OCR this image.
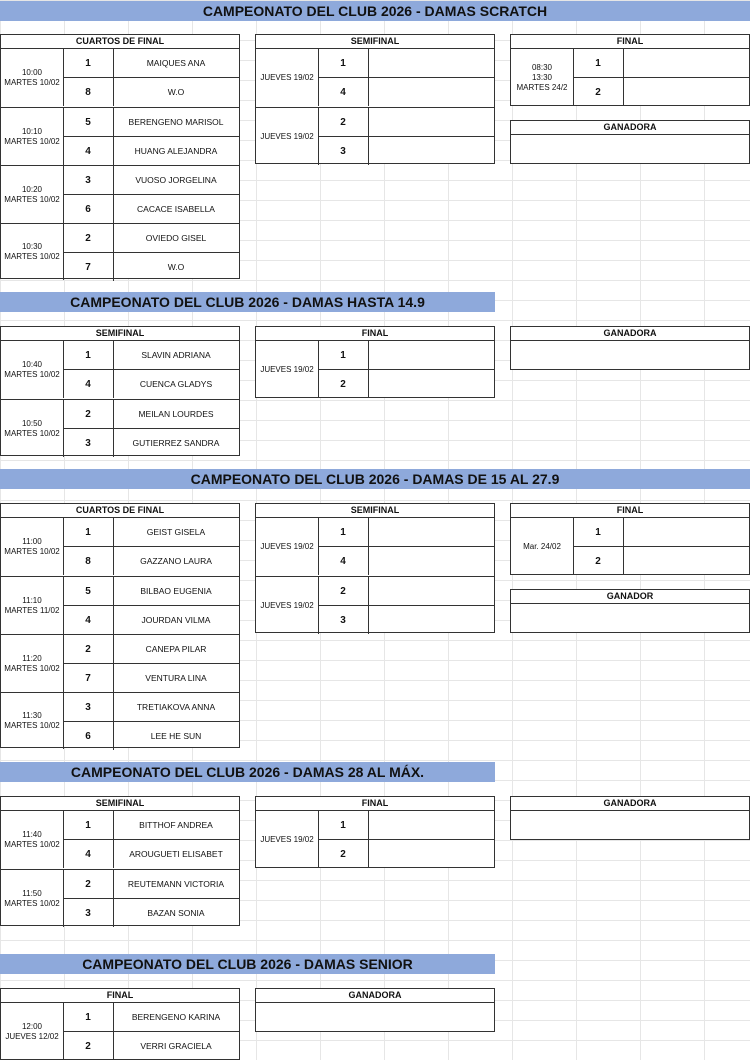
CAMPEONATO DEL CLUB 2026 - DAMAS SCRATCH
CUARTOS DE FINAL
10:00
MARTES 10/02
1	MAIQUES ANA
8	W.O
10:10
MARTES 10/02
5	BERENGENO MARISOL
4	HUANG ALEJANDRA
10:20
MARTES 10/02
3	VUOSO JORGELINA
6	CACACE ISABELLA
10:30
MARTES 10/02
2	OVIEDO GISEL
7	W.O
SEMIFINAL
JUEVES 19/02
1
4
JUEVES 19/02
2
3
FINAL
08:30
13:30
MARTES 24/2
1
2
GANADORA
CAMPEONATO DEL CLUB 2026 - DAMAS HASTA 14.9
SEMIFINAL
10:40
MARTES 10/02
1	SLAVIN ADRIANA
4	CUENCA GLADYS
10:50
MARTES 10/02
2	MEILAN LOURDES
3	GUTIERREZ SANDRA
FINAL
JUEVES 19/02
1
2
GANADORA
CAMPEONATO DEL CLUB 2026 - DAMAS DE 15 AL 27.9
CUARTOS DE FINAL
11:00
MARTES 10/02
1	GEIST GISELA
8	GAZZANO LAURA
11:10
MARTES 11/02
5	BILBAO EUGENIA
4	JOURDAN VILMA
11:20
MARTES 10/02
2	CANEPA PILAR
7	VENTURA LINA
11:30
MARTES 10/02
3	TRETIAKOVA ANNA
6	LEE HE SUN
SEMIFINAL
JUEVES 19/02
1
4
JUEVES 19/02
2
3
FINAL
Mar. 24/02
1
2
GANADOR
CAMPEONATO DEL CLUB 2026 - DAMAS 28 AL MÁX.
SEMIFINAL
11:40
MARTES 10/02
1	BITTHOF ANDREA
4	AROUGUETI ELISABET
11:50
MARTES 10/02
2	REUTEMANN VICTORIA
3	BAZAN SONIA
FINAL
JUEVES 19/02
1
2
GANADORA
CAMPEONATO DEL CLUB 2026 - DAMAS SENIOR
FINAL
12:00
JUEVES 12/02
1	BERENGENO KARINA
2	VERRI GRACIELA
GANADORA
